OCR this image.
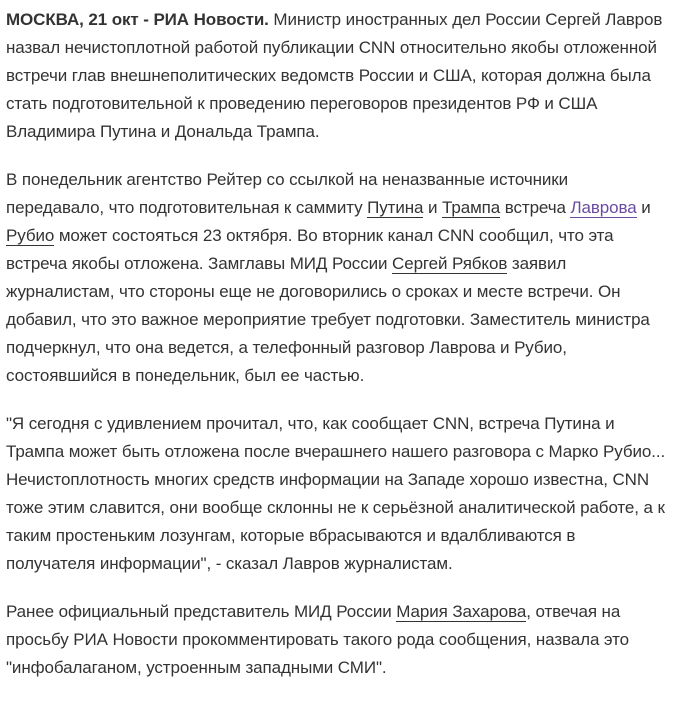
МОСКВА, 21 окт - РИА Новости. Министр иностранных дел России Сергей Лавров назвал нечистоплотной работой публикации CNN относительно якобы отложенной встречи глав внешнеполитических ведомств России и США, которая должна была стать подготовительной к проведению переговоров президентов РФ и США Владимира Путина и Дональда Трампа.

В понедельник агентство Рейтер со ссылкой на неназванные источники передавало, что подготовительная к саммиту Путина и Трампа встреча Лаврова и Рубио может состояться 23 октября. Во вторник канал CNN сообщил, что эта встреча якобы отложена. Замглавы МИД России Сергей Рябков заявил журналистам, что стороны еще не договорились о сроках и месте встречи. Он добавил, что это важное мероприятие требует подготовки. Заместитель министра подчеркнул, что она ведется, а телефонный разговор Лаврова и Рубио, состоявшийся в понедельник, был ее частью.

"Я сегодня с удивлением прочитал, что, как сообщает CNN, встреча Путина и Трампа может быть отложена после вчерашнего нашего разговора с Марко Рубио... Нечистоплотность многих средств информации на Западе хорошо известна, CNN тоже этим славится, они вообще склонны не к серьёзной аналитической работе, а к таким простеньким лозунгам, которые вбрасываются и вдалбливаются в получателя информации", - сказал Лавров журналистам.

Ранее официальный представитель МИД России Мария Захарова, отвечая на просьбу РИА Новости прокомментировать такого рода сообщения, назвала это "инфобалаганом, устроенным западными СМИ".
